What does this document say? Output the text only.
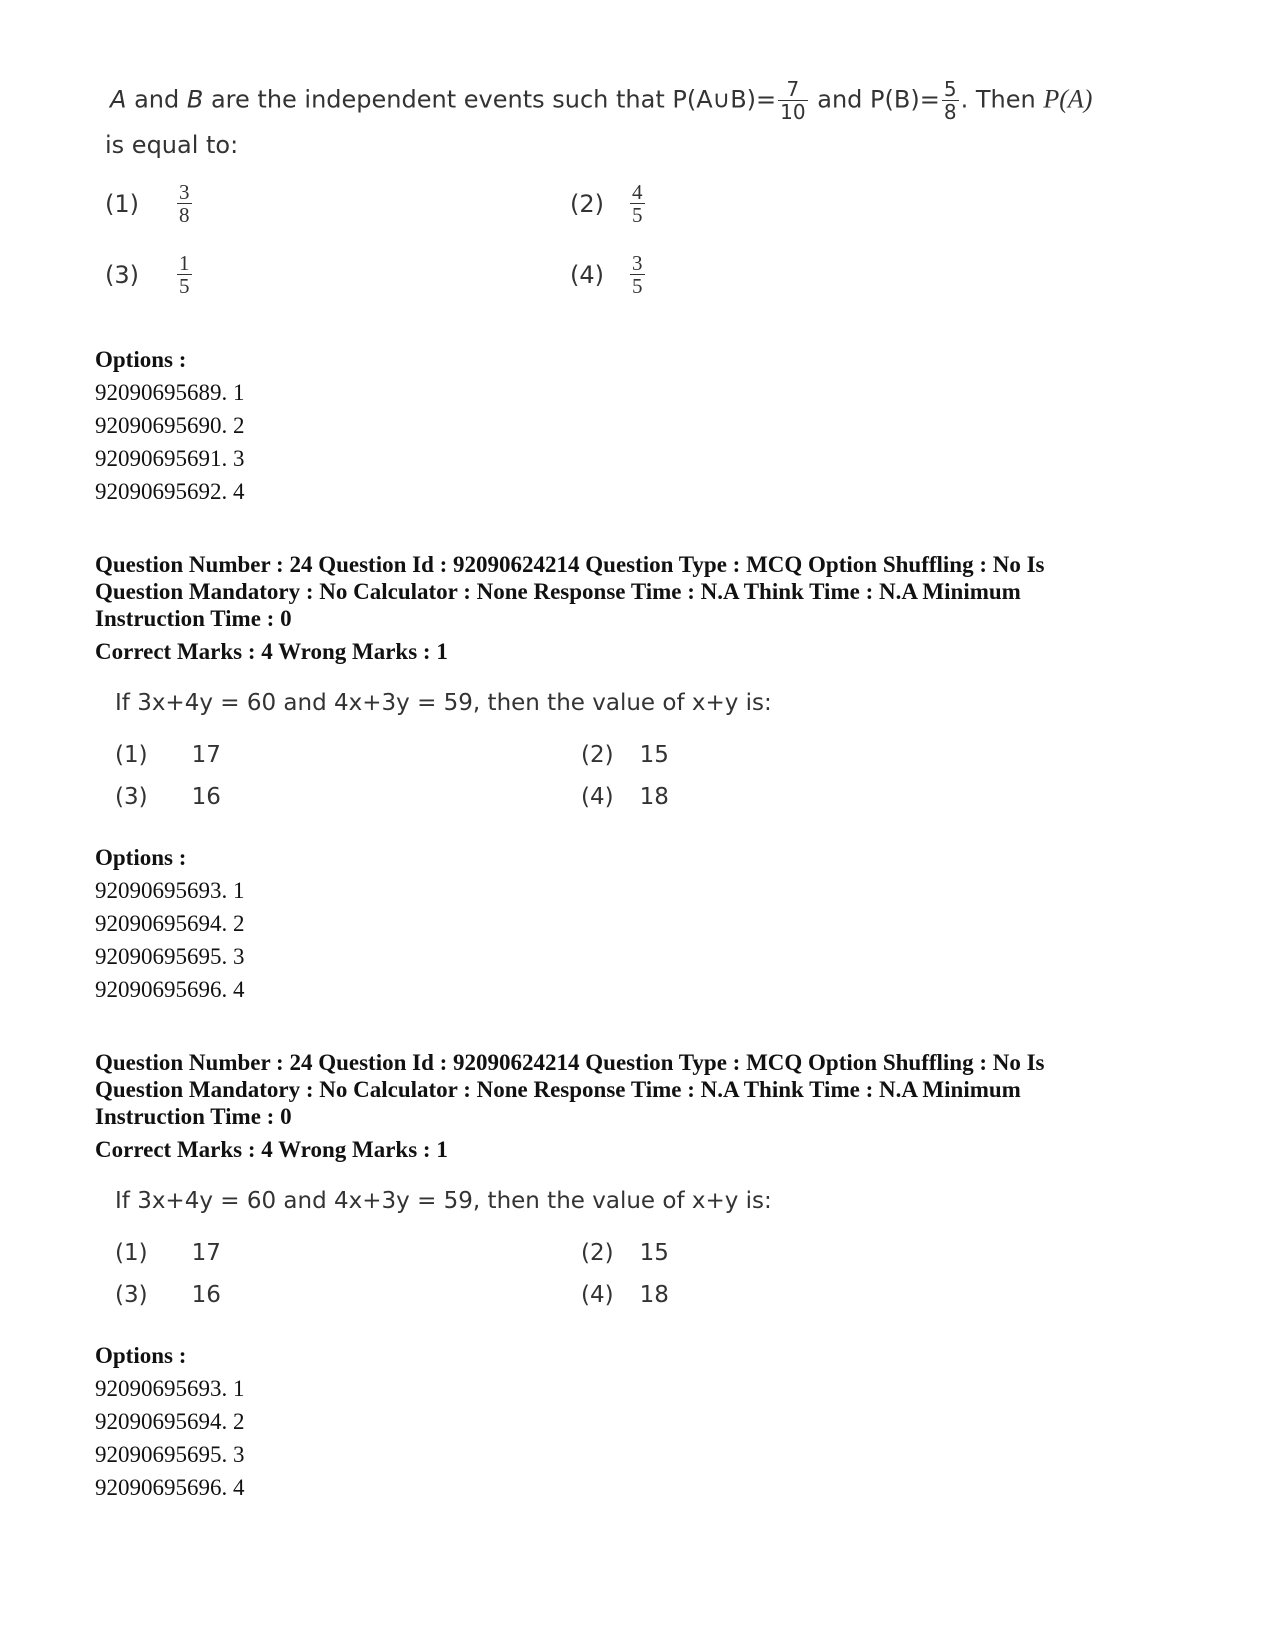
A and B are the independent events such that P(A∪B)= $\frac{7}{10}$ and $P(B)= \frac{5}{8}$ . Then P(A)
is equal to:
$(1) \frac{3}{8}$	$(2) \frac{4}{5}$
$(3) \frac{1}{5}$	$(4) \frac{3}{5}$
Options :
92090695689. 1
92090695690. 2
92090695691. 3
92090695692. 4
Question Number : 24 Question Id : 92090624214 Question Type : MCQ Option Shuffling : No Is
Question Mandatory : No Calculator : None Response Time : N.A Think Time : N.A Minimum
Instruction Time : 0
Correct Marks : 4 Wrong Marks : 1
If 3x+4y = 60 and 4x+3y = 59, then the value of x+y is:
(1) 17	(2) 15
(3) 16	(4) 18
Options :
92090695693. 1
92090695694. 2
92090695695. 3
92090695696. 4
Question Number : 24 Question Id : 92090624214 Question Type : MCQ Option Shuffling : No Is
Question Mandatory : No Calculator : None Response Time : N.A Think Time : N.A Minimum
Instruction Time : 0
Correct Marks : 4 Wrong Marks : 1
If 3x+4y = 60 and 4x+3y = 59, then the value of x+y is:
(1) 17	(2) 15
(3) 16	(4) 18
Options :
92090695693. 1
92090695694. 2
92090695695. 3
92090695696. 4
